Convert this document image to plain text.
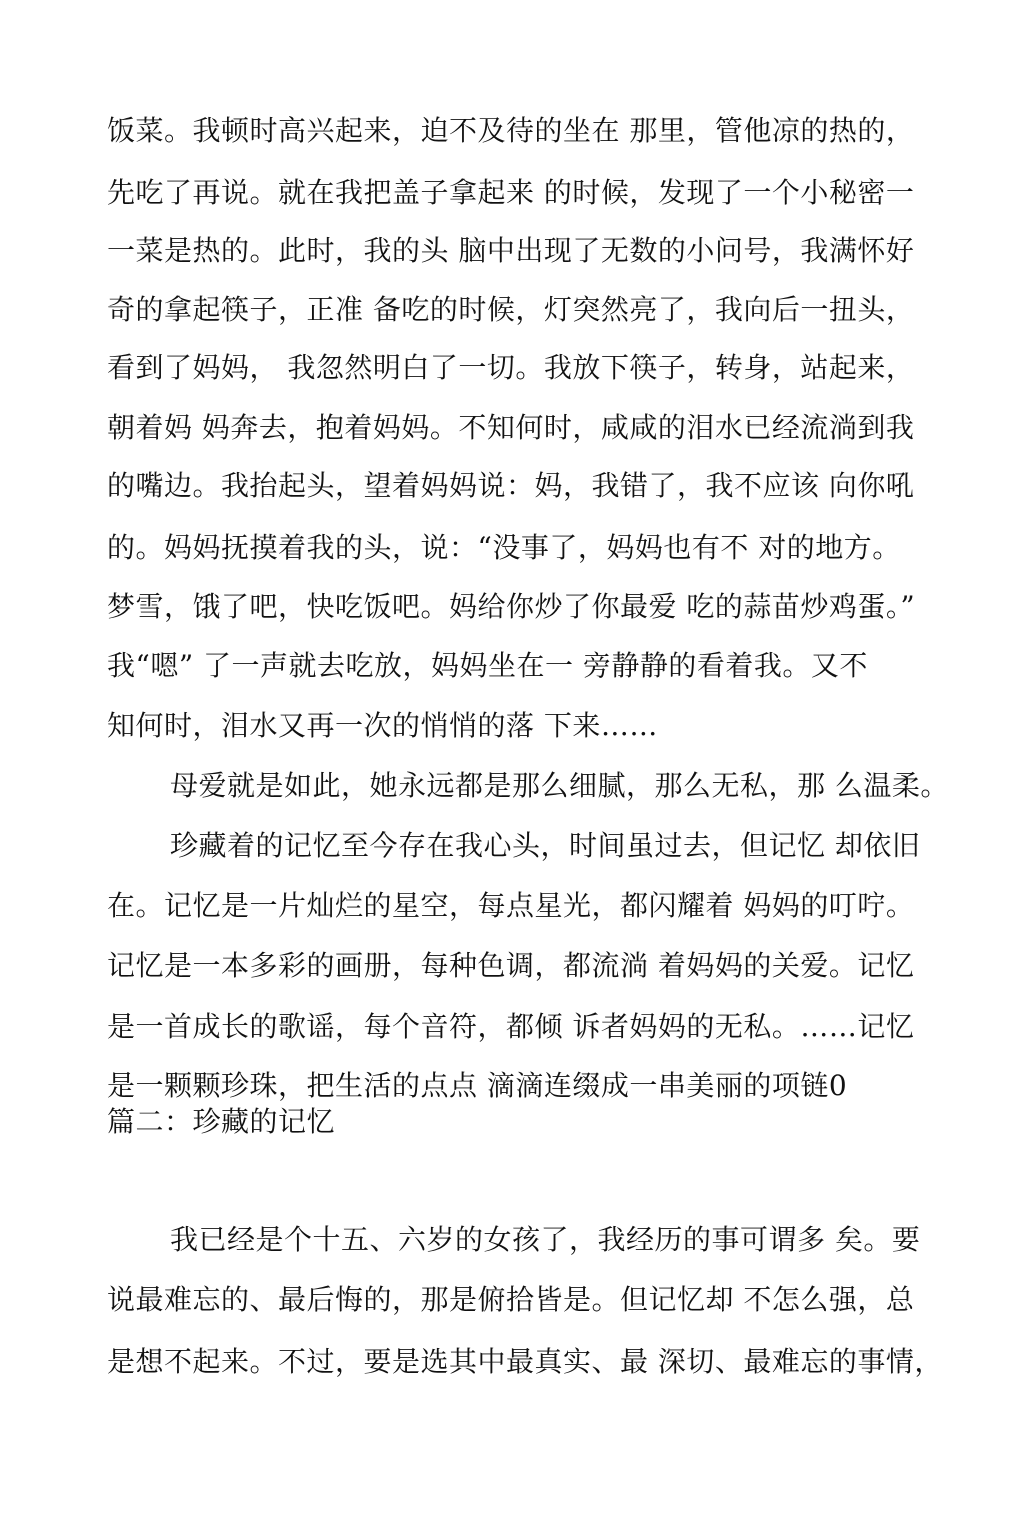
饭菜。我顿时高兴起来，迫不及待的坐在 那里，管他凉的热的，
先吃了再说。就在我把盖子拿起来 的时候，发现了一个小秘密一
一菜是热的。此时，我的头 脑中出现了无数的小问号，我满怀好
奇的拿起筷子，正准 备吃的时候，灯突然亮了，我向后一扭头，
看到了妈妈， 我忽然明白了一切。我放下筷子，转身，站起来，
朝着妈 妈奔去，抱着妈妈。不知何时，咸咸的泪水已经流淌到我
的嘴边。我抬起头，望着妈妈说：妈，我错了，我不应该 向你吼
的。妈妈抚摸着我的头，说：“没事了，妈妈也有不 对的地方。
梦雪，饿了吧，快吃饭吧。妈给你炒了你最爱 吃的蒜苗炒鸡蛋。”
我“嗯” 了一声就去吃放，妈妈坐在一 旁静静的看着我。又不
知何时，泪水又再一次的悄悄的落 下来……
母爱就是如此，她永远都是那么细腻，那么无私，那 么温柔。
珍藏着的记忆至今存在我心头，时间虽过去，但记忆 却依旧
在。记忆是一片灿烂的星空，每点星光，都闪耀着 妈妈的叮咛。
记忆是一本多彩的画册，每种色调，都流淌 着妈妈的关爱。记忆
是一首成长的歌谣，每个音符，都倾 诉者妈妈的无私。……记忆
是一颗颗珍珠，把生活的点点 滴滴连缀成一串美丽的项链0
篇二：珍藏的记忆
我已经是个十五、六岁的女孩了，我经历的事可谓多 矣。要
说最难忘的、最后悔的，那是俯拾皆是。但记忆却 不怎么强，总
是想不起来。不过，要是选其中最真实、最 深切、最难忘的事情，
